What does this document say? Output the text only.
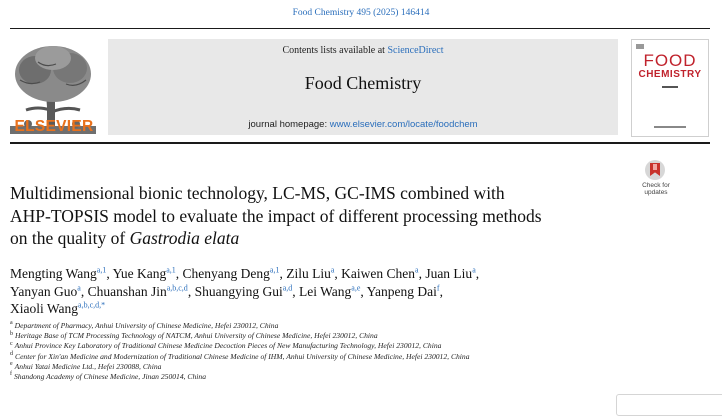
Food Chemistry 495 (2025) 146414
ELSEVIER
Contents lists available at ScienceDirect
Food Chemistry
journal homepage: www.elsevier.com/locate/foodchem
FOOD
CHEMISTRY
Check for
updates
Multidimensional bionic technology, LC-MS, GC-IMS combined with
AHP-TOPSIS model to evaluate the impact of different processing methods
on the quality of Gastrodia elata
Mengting Wang$^{a,1}$, Yue Kang$^{a,1}$, Chenyang Deng$^{a,1}$, Zilu Liu$^a$, Kaiwen Chen$^a$, Juan Liu$^a$,
Yanyan Guo$^a$, Chuanshan Jin$^{a,b,c,d}$, Shuangying Gui$^{a,d}$, Lei Wang$^{a,e}$, Yanpeng Dai$^f$,
Xiaoli Wang$^{a,b,c,d,*}$
$^a$ Department of Pharmacy, Anhui University of Chinese Medicine, Hefei 230012, China
$^b$ Heritage Base of TCM Processing Technology of NATCM, Anhui University of Chinese Medicine, Hefei 230012, China
$^c$ Anhui Province Key Laboratory of Traditional Chinese Medicine Decoction Pieces of New Manufacturing Technology, Hefei 230012, China
$^d$ Center for Xin'an Medicine and Modernization of Traditional Chinese Medicine of IHM, Anhui University of Chinese Medicine, Hefei 230012, China
$^e$ Anhui Yatai Medicine Ltd., Hefei 230088, China
$^f$ Shandong Academy of Chinese Medicine, Jinan 250014, China
